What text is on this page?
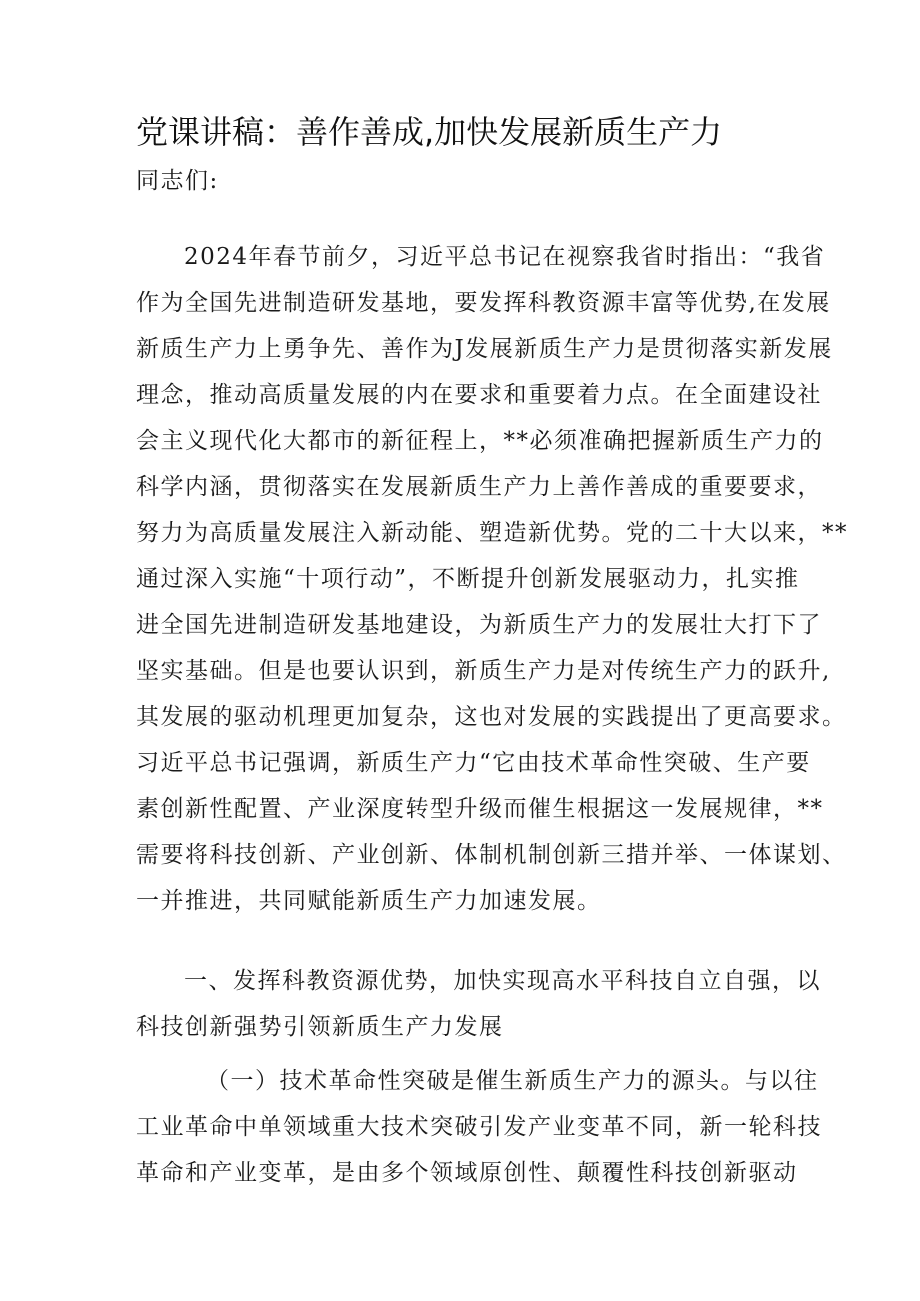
党课讲稿：善作善成,加快发展新质生产力
同志们:
2024年春节前夕，习近平总书记在视察我省时指出：“我省
作为全国先进制造研发基地，要发挥科教资源丰富等优势,在发展
新质生产力上勇争先、善作为J发展新质生产力是贯彻落实新发展
理念，推动高质量发展的内在要求和重要着力点。在全面建设社
会主义现代化大都市的新征程上，**必须准确把握新质生产力的
科学内涵，贯彻落实在发展新质生产力上善作善成的重要要求，
努力为高质量发展注入新动能、塑造新优势。党的二十大以来，**
通过深入实施“十项行动”，不断提升创新发展驱动力，扎实推
进全国先进制造研发基地建设，为新质生产力的发展壮大打下了
坚实基础。但是也要认识到，新质生产力是对传统生产力的跃升,
其发展的驱动机理更加复杂，这也对发展的实践提出了更高要求。
习近平总书记强调，新质生产力“它由技术革命性突破、生产要
素创新性配置、产业深度转型升级而催生根据这一发展规律，**
需要将科技创新、产业创新、体制机制创新三措并举、一体谋划、
一并推进，共同赋能新质生产力加速发展。
一、发挥科教资源优势，加快实现高水平科技自立自强，以
科技创新强势引领新质生产力发展
（一）技术革命性突破是催生新质生产力的源头。与以往
工业革命中单领域重大技术突破引发产业变革不同，新一轮科技
革命和产业变革，是由多个领域原创性、颠覆性科技创新驱动
